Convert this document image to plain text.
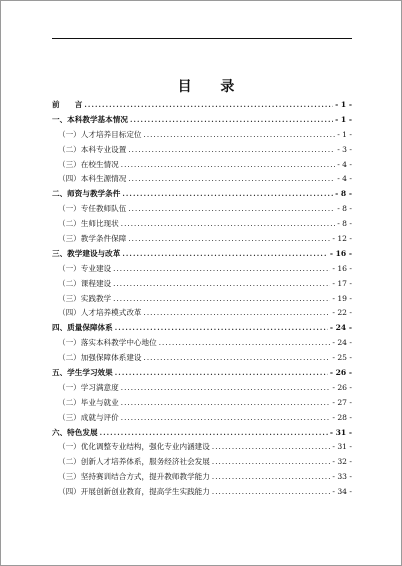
目 录
前　　言 .....	- 1 -
一、本科教学基本情况 .....	- 1 -
（一）人才培养目标定位 .....	- 1 -
（二）本科专业设置 .....	- 3 -
（三）在校生情况 .....	- 4 -
（四）本科生源情况 .....	- 4 -
二、师资与教学条件 .....	- 8 -
（一）专任教师队伍 .....	- 8 -
（二）生师比现状 .....	- 8 -
（三）教学条件保障 .....	- 12 -
三、教学建设与改革 .....	- 16 -
（一）专业建设 .....	- 16 -
（二）课程建设 .....	- 17 -
（三）实践教学 .....	- 19 -
（四）人才培养模式改革 .....	- 22 -
四、质量保障体系 .....	- 24 -
（一）落实本科教学中心地位 .....	- 24 -
（二）加强保障体系建设 .....	- 25 -
五、学生学习效果 .....	- 26 -
（一）学习满意度 .....	- 26 -
（二）毕业与就业 .....	- 27 -
（三）成就与评价 .....	- 28 -
六、特色发展 .....	- 31 -
（一）优化调整专业结构，强化专业内涵建设 .....	- 31 -
（二）创新人才培养体系，服务经济社会发展 .....	- 32 -
（三）坚持赛训结合方式，提升教师教学能力 .....	- 33 -
（四）开展创新创业教育，提高学生实践能力 .....	- 34 -
